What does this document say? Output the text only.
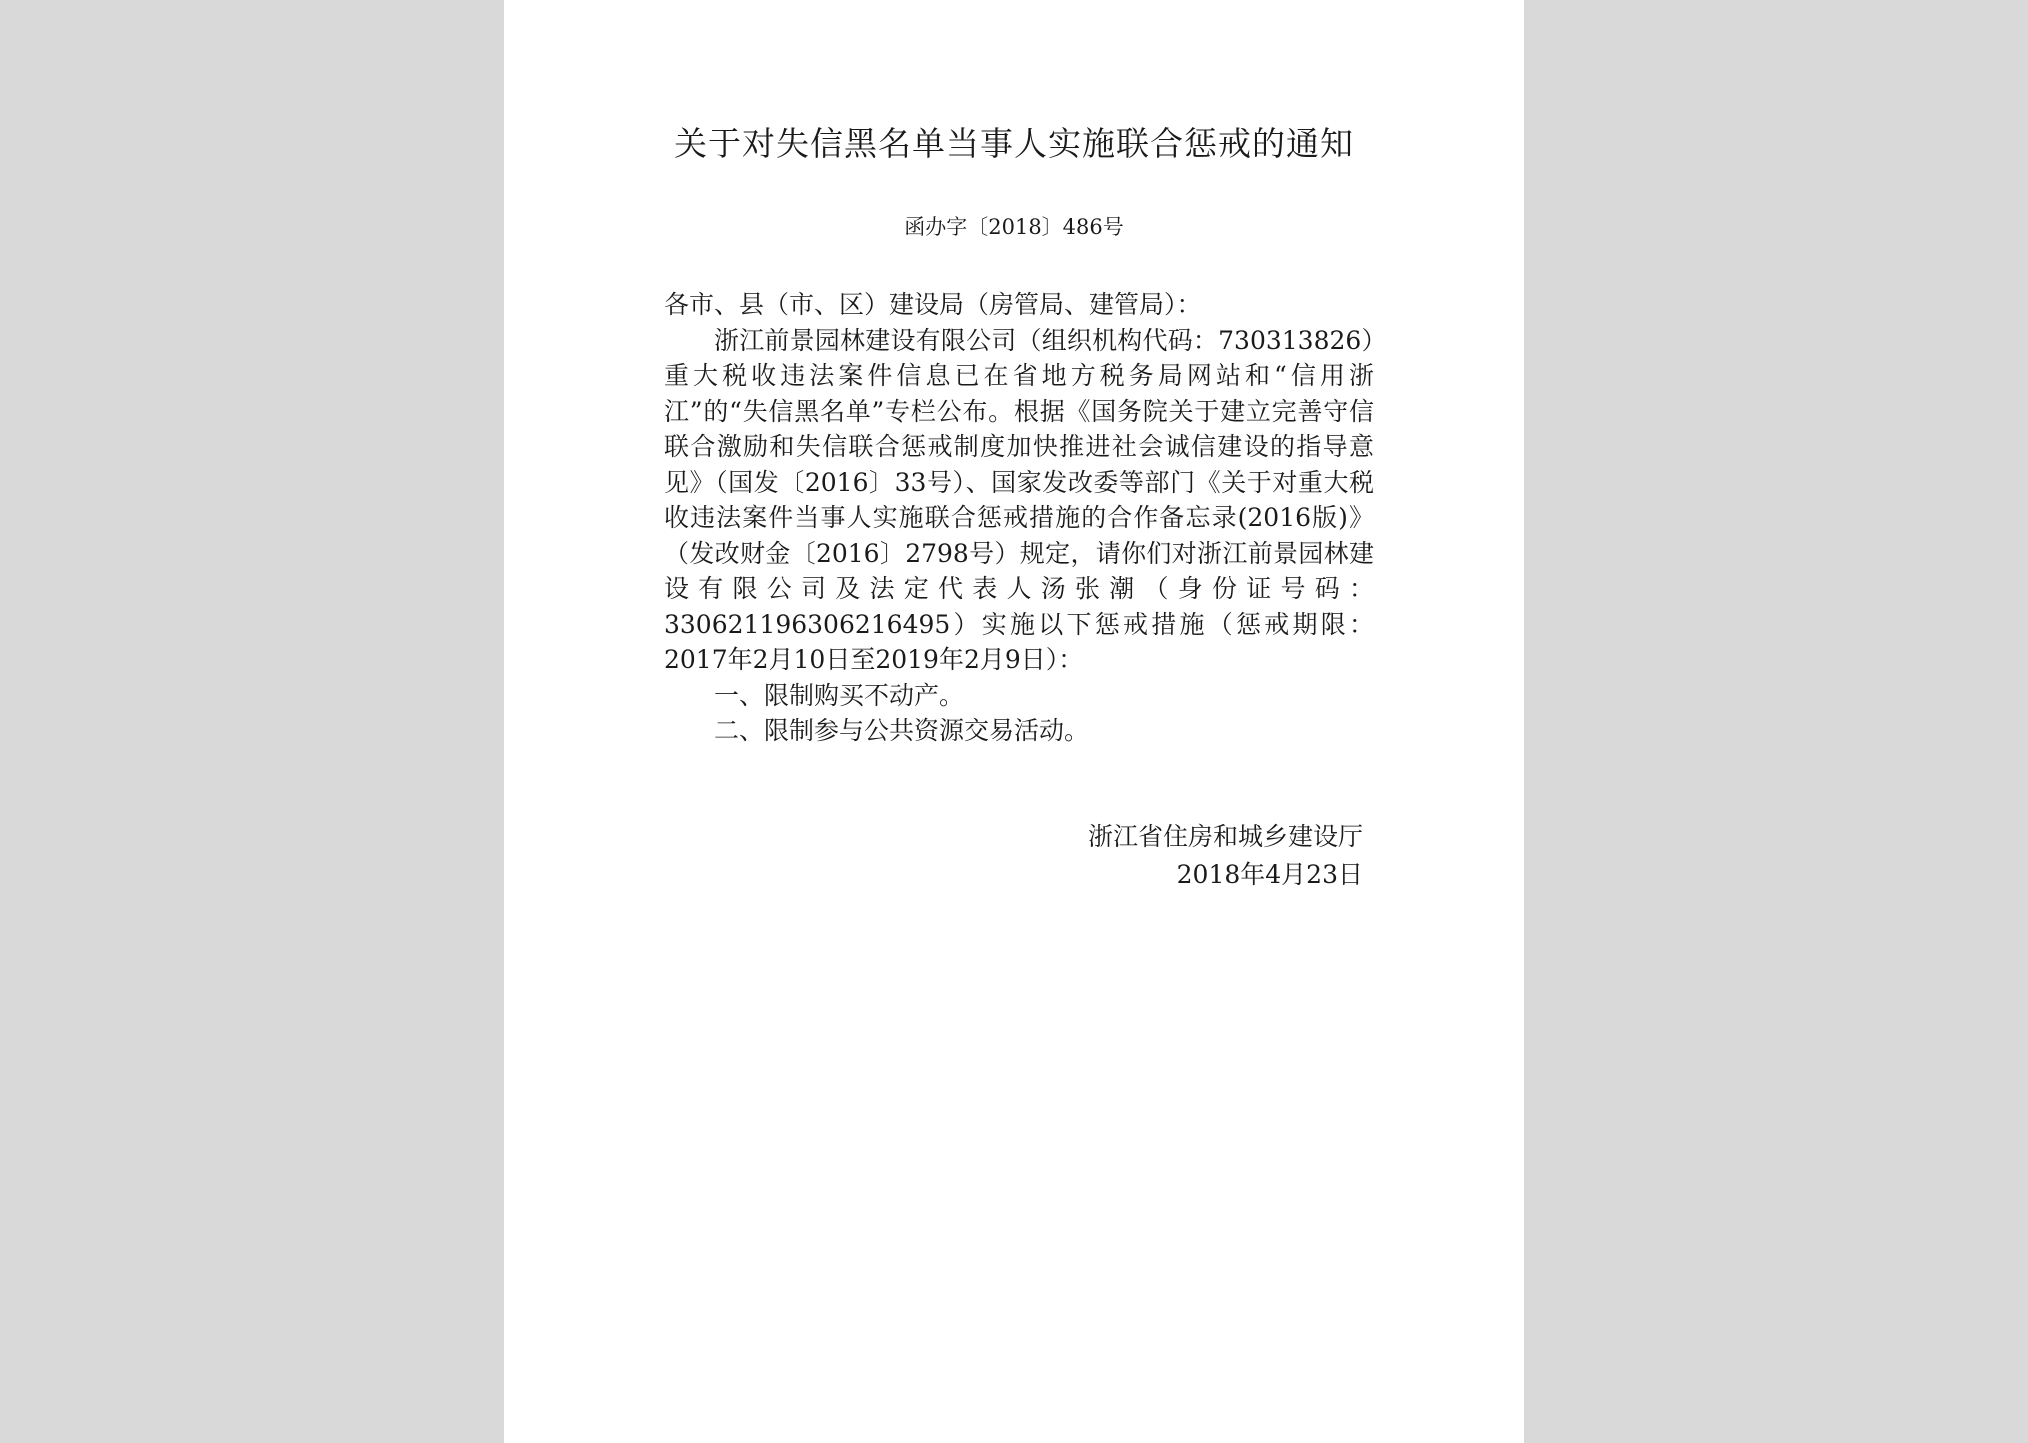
关于对失信黑名单当事人实施联合惩戒的通知
函办字〔2018〕486号

各市、县（市、区）建设局（房管局、建管局）：

浙江前景园林建设有限公司（组织机构代码：730313826）重大税收违法案件信息已在省地方税务局网站和“信用浙江”的“失信黑名单”专栏公布。根据《国务院关于建立完善守信联合激励和失信联合惩戒制度加快推进社会诚信建设的指导意见》（国发〔2016〕33号）、国家发改委等部门《关于对重大税收违法案件当事人实施联合惩戒措施的合作备忘录(2016版)》（发改财金〔2016〕2798号）规定，请你们对浙江前景园林建设有限公司及法定代表人汤张潮（身份证号码：330621196306216495）实施以下惩戒措施（惩戒期限：2017年2月10日至2019年2月9日）：

一、限制购买不动产。

二、限制参与公共资源交易活动。

浙江省住房和城乡建设厅
2018年4月23日
